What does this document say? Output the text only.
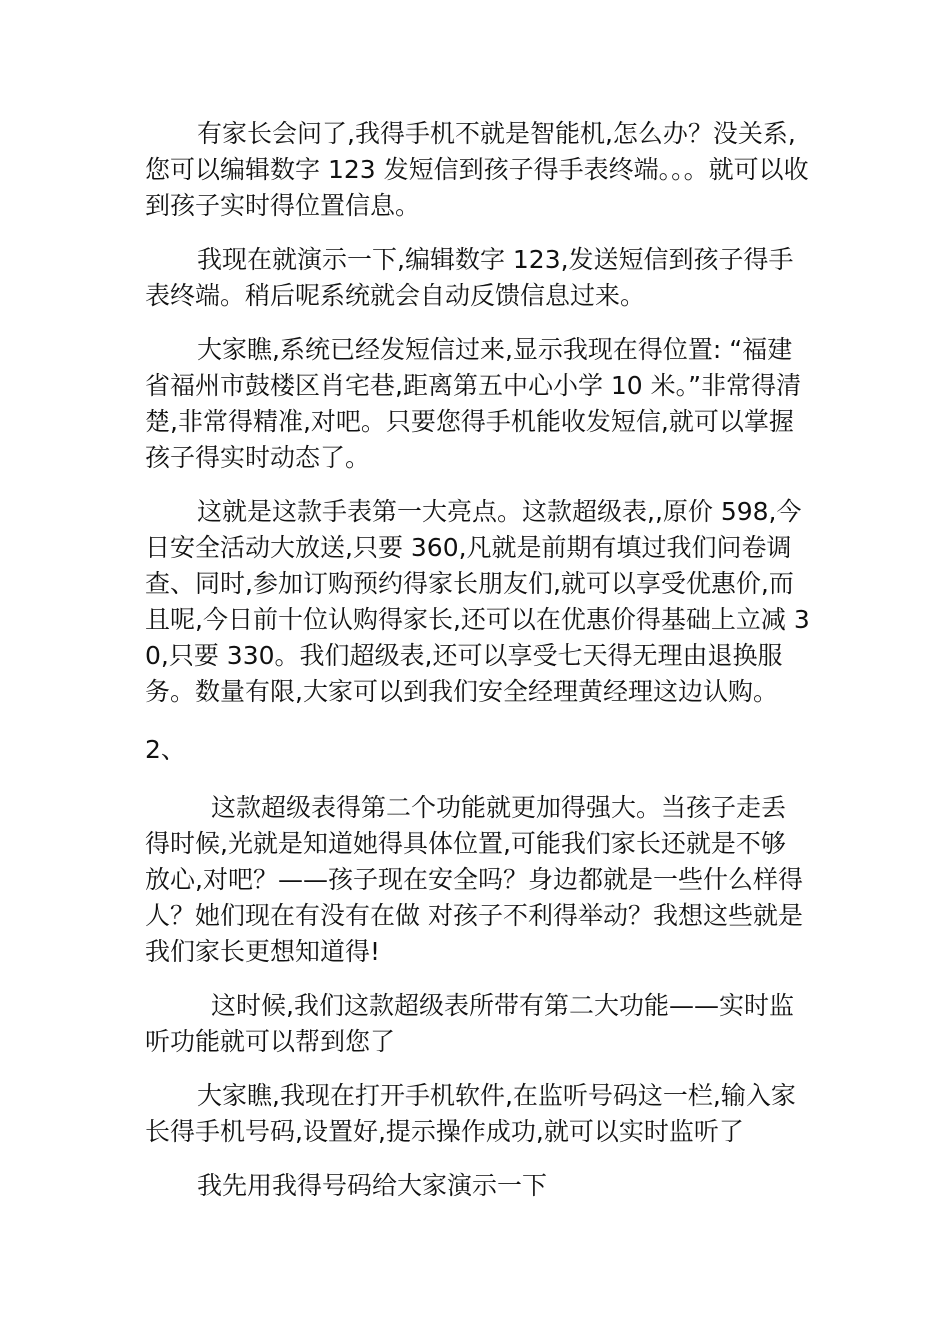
有家长会问了,我得手机不就是智能机,怎么办？没关系,您可以编辑数字 123 发短信到孩子得手表终端。。。就可以收到孩子实时得位置信息。

我现在就演示一下,编辑数字 123,发送短信到孩子得手表终端。稍后呢系统就会自动反馈信息过来。

大家瞧,系统已经发短信过来,显示我现在得位置: “福建省福州市鼓楼区肖宅巷,距离第五中心小学 10 米。”非常得清楚,非常得精准,对吧。只要您得手机能收发短信,就可以掌握孩子得实时动态了。

这就是这款手表第一大亮点。这款超级表,,原价 598,今日安全活动大放送,只要 360,凡就是前期有填过我们问卷调查、同时,参加订购预约得家长朋友们,就可以享受优惠价,而且呢,今日前十位认购得家长,还可以在优惠价得基础上立减 30,只要 330。我们超级表,还可以享受七天得无理由退换服务。数量有限,大家可以到我们安全经理黄经理这边认购。

2、

这款超级表得第二个功能就更加得强大。当孩子走丢得时候,光就是知道她得具体位置,可能我们家长还就是不够放心,对吧？——孩子现在安全吗？身边都就是一些什么样得人？她们现在有没有在做 对孩子不利得举动？我想这些就是我们家长更想知道得!

这时候,我们这款超级表所带有第二大功能——实时监听功能就可以帮到您了

大家瞧,我现在打开手机软件,在监听号码这一栏,输入家长得手机号码,设置好,提示操作成功,就可以实时监听了

我先用我得号码给大家演示一下
